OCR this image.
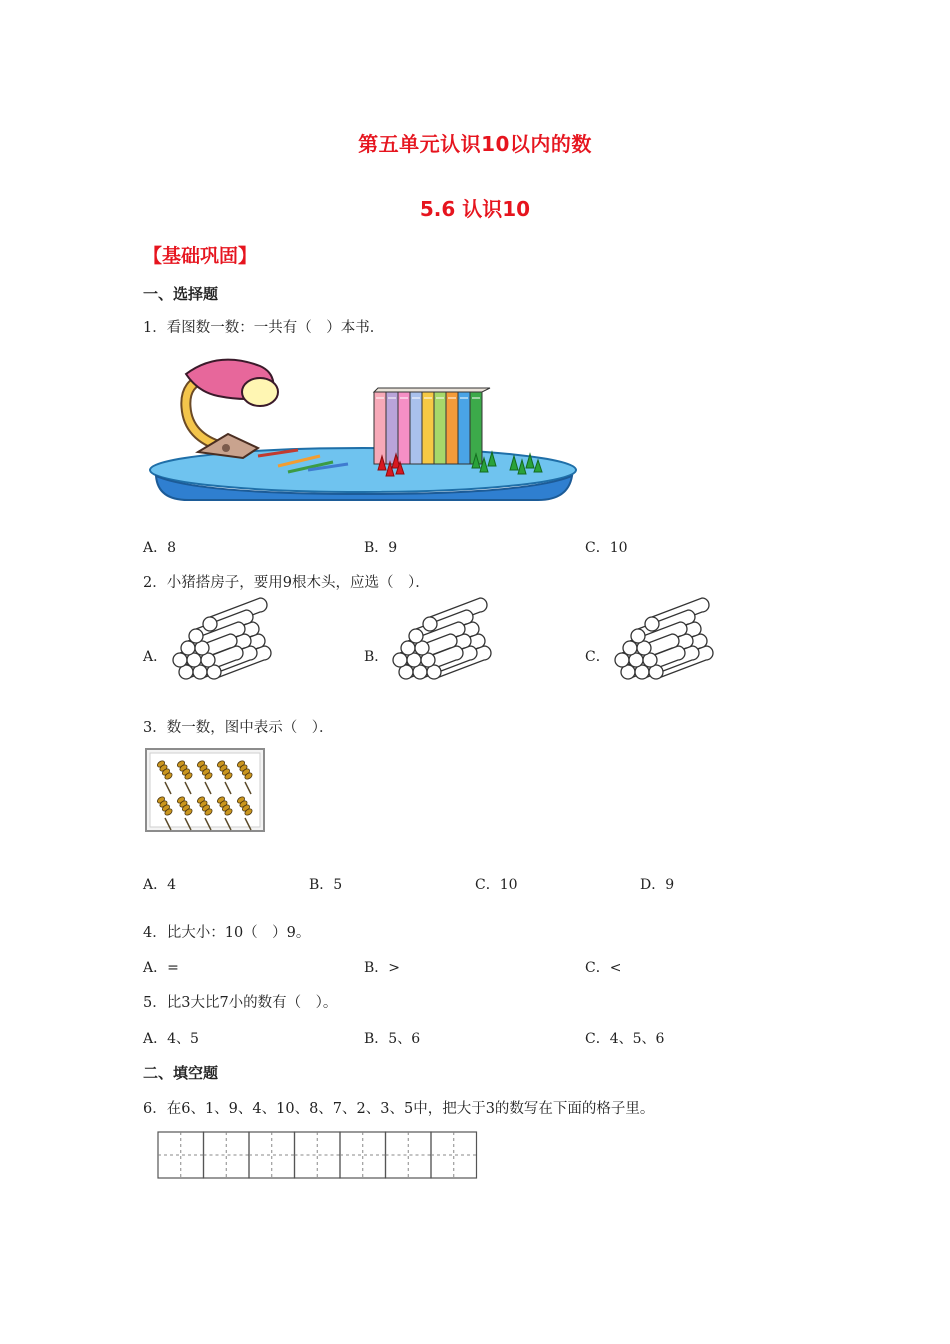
第五单元认识10以内的数
5.6 认识10
【基础巩固】
一、选择题
1．看图数一数：一共有（　）本书．
A．8	B．9	C．10
2．小猪搭房子，要用9根木头，应选（　）．
A．	B．	C．
3．数一数，图中表示（　）．
A．4	B．5	C．10	D．9
4．比大小：10（　）9。
A．=	B．>	C．<
5．比3大比7小的数有（　）。
A．4、5	B．5、6	C．4、5、6
二、填空题
6．在6、1、9、4、10、8、7、2、3、5中，把大于3的数写在下面的格子里。
